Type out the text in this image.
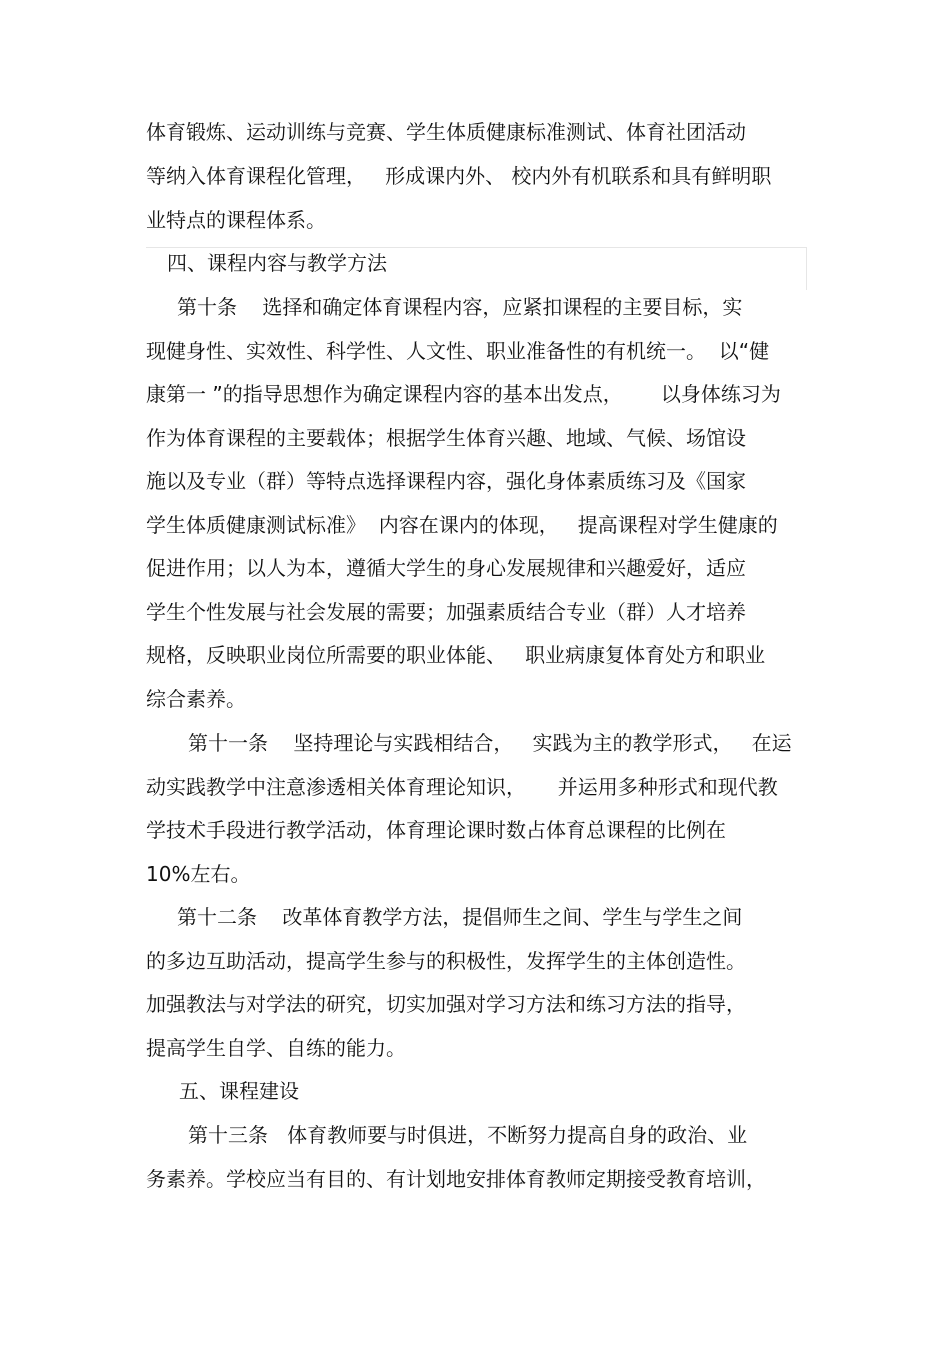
体育锻炼、运动训练与竞赛、学生体质健康标准测试、体育社团活动
等纳入体育课程化管理，   形成课内外、 校内外有机联系和具有鲜明职
业特点的课程体系。
四、课程内容与教学方法
第十条    选择和确定体育课程内容，应紧扣课程的主要目标，实
现健身性、实效性、科学性、人文性、职业准备性的有机统一。  以“健
康第一 ”的指导思想作为确定课程内容的基本出发点，      以身体练习为
作为体育课程的主要载体；根据学生体育兴趣、地域、气候、场馆设
施以及专业（群）等特点选择课程内容，强化身体素质练习及《国家
学生体质健康测试标准》  内容在课内的体现，   提高课程对学生健康的
促进作用；以人为本，遵循大学生的身心发展规律和兴趣爱好，适应
学生个性发展与社会发展的需要；加强素质结合专业（群）人才培养
规格，反映职业岗位所需要的职业体能、   职业病康复体育处方和职业
综合素养。
第十一条    坚持理论与实践相结合，   实践为主的教学形式，   在运
动实践教学中注意渗透相关体育理论知识，     并运用多种形式和现代教
学技术手段进行教学活动，体育理论课时数占体育总课程的比例在
10%左右。
第十二条    改革体育教学方法，提倡师生之间、学生与学生之间
的多边互助活动，提高学生参与的积极性，发挥学生的主体创造性。
加强教法与对学法的研究，切实加强对学习方法和练习方法的指导，
提高学生自学、自练的能力。
五、课程建设
第十三条   体育教师要与时俱进，不断努力提高自身的政治、业
务素养。学校应当有目的、有计划地安排体育教师定期接受教育培训，
